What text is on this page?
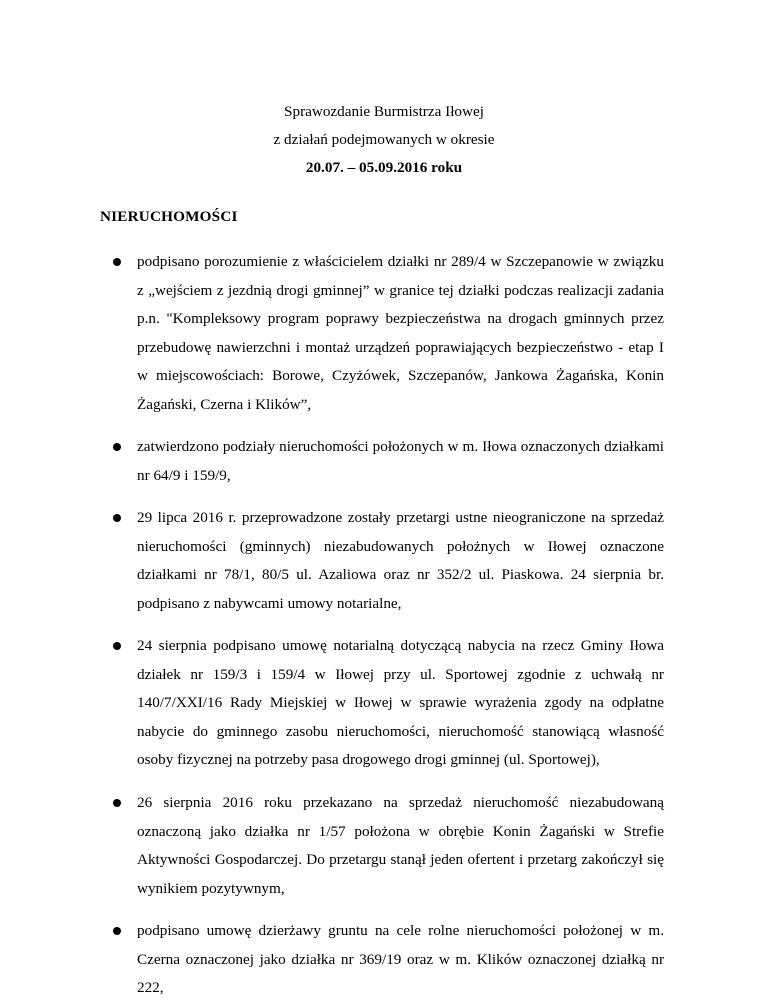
Sprawozdanie Burmistrza Iłowej
z działań podejmowanych w okresie
20.07. – 05.09.2016 roku
NIERUCHOMOŚCI
podpisano porozumienie z właścicielem działki nr 289/4 w Szczepanowie w związku z „wejściem z jezdnią drogi gminnej” w granice tej działki podczas realizacji zadania p.n. "Kompleksowy program poprawy bezpieczeństwa na drogach gminnych przez przebudowę nawierzchni i montaż urządzeń poprawiających bezpieczeństwo - etap I w miejscowościach: Borowe, Czyżówek, Szczepanów, Jankowa Żagańska, Konin Żagański, Czerna i Klików”,
zatwierdzono podziały nieruchomości położonych w m. Iłowa oznaczonych działkami nr 64/9 i 159/9,
29 lipca 2016 r. przeprowadzone zostały przetargi ustne nieograniczone na sprzedaż nieruchomości (gminnych) niezabudowanych położnych w Iłowej oznaczone działkami nr 78/1, 80/5 ul. Azaliowa oraz nr 352/2 ul. Piaskowa. 24 sierpnia br. podpisano z nabywcami umowy notarialne,
24 sierpnia podpisano umowę notarialną dotyczącą nabycia na rzecz Gminy Iłowa działek nr 159/3 i 159/4 w Iłowej przy ul. Sportowej zgodnie z uchwałą nr 140/7/XXI/16 Rady Miejskiej w Iłowej w sprawie wyrażenia zgody na odpłatne nabycie do gminnego zasobu nieruchomości, nieruchomość stanowiącą własność osoby fizycznej na potrzeby pasa drogowego drogi gminnej (ul. Sportowej),
26 sierpnia 2016 roku przekazano na sprzedaż nieruchomość niezabudowaną oznaczoną jako działka nr 1/57 położona w obrębie Konin Żagański w Strefie Aktywności Gospodarczej. Do przetargu stanął jeden ofertent i przetarg zakończył się wynikiem pozytywnym,
podpisano umowę dzierżawy gruntu na cele rolne nieruchomości położonej w m. Czerna oznaczonej jako działka nr 369/19 oraz w m. Klików oznaczonej działką nr 222,
